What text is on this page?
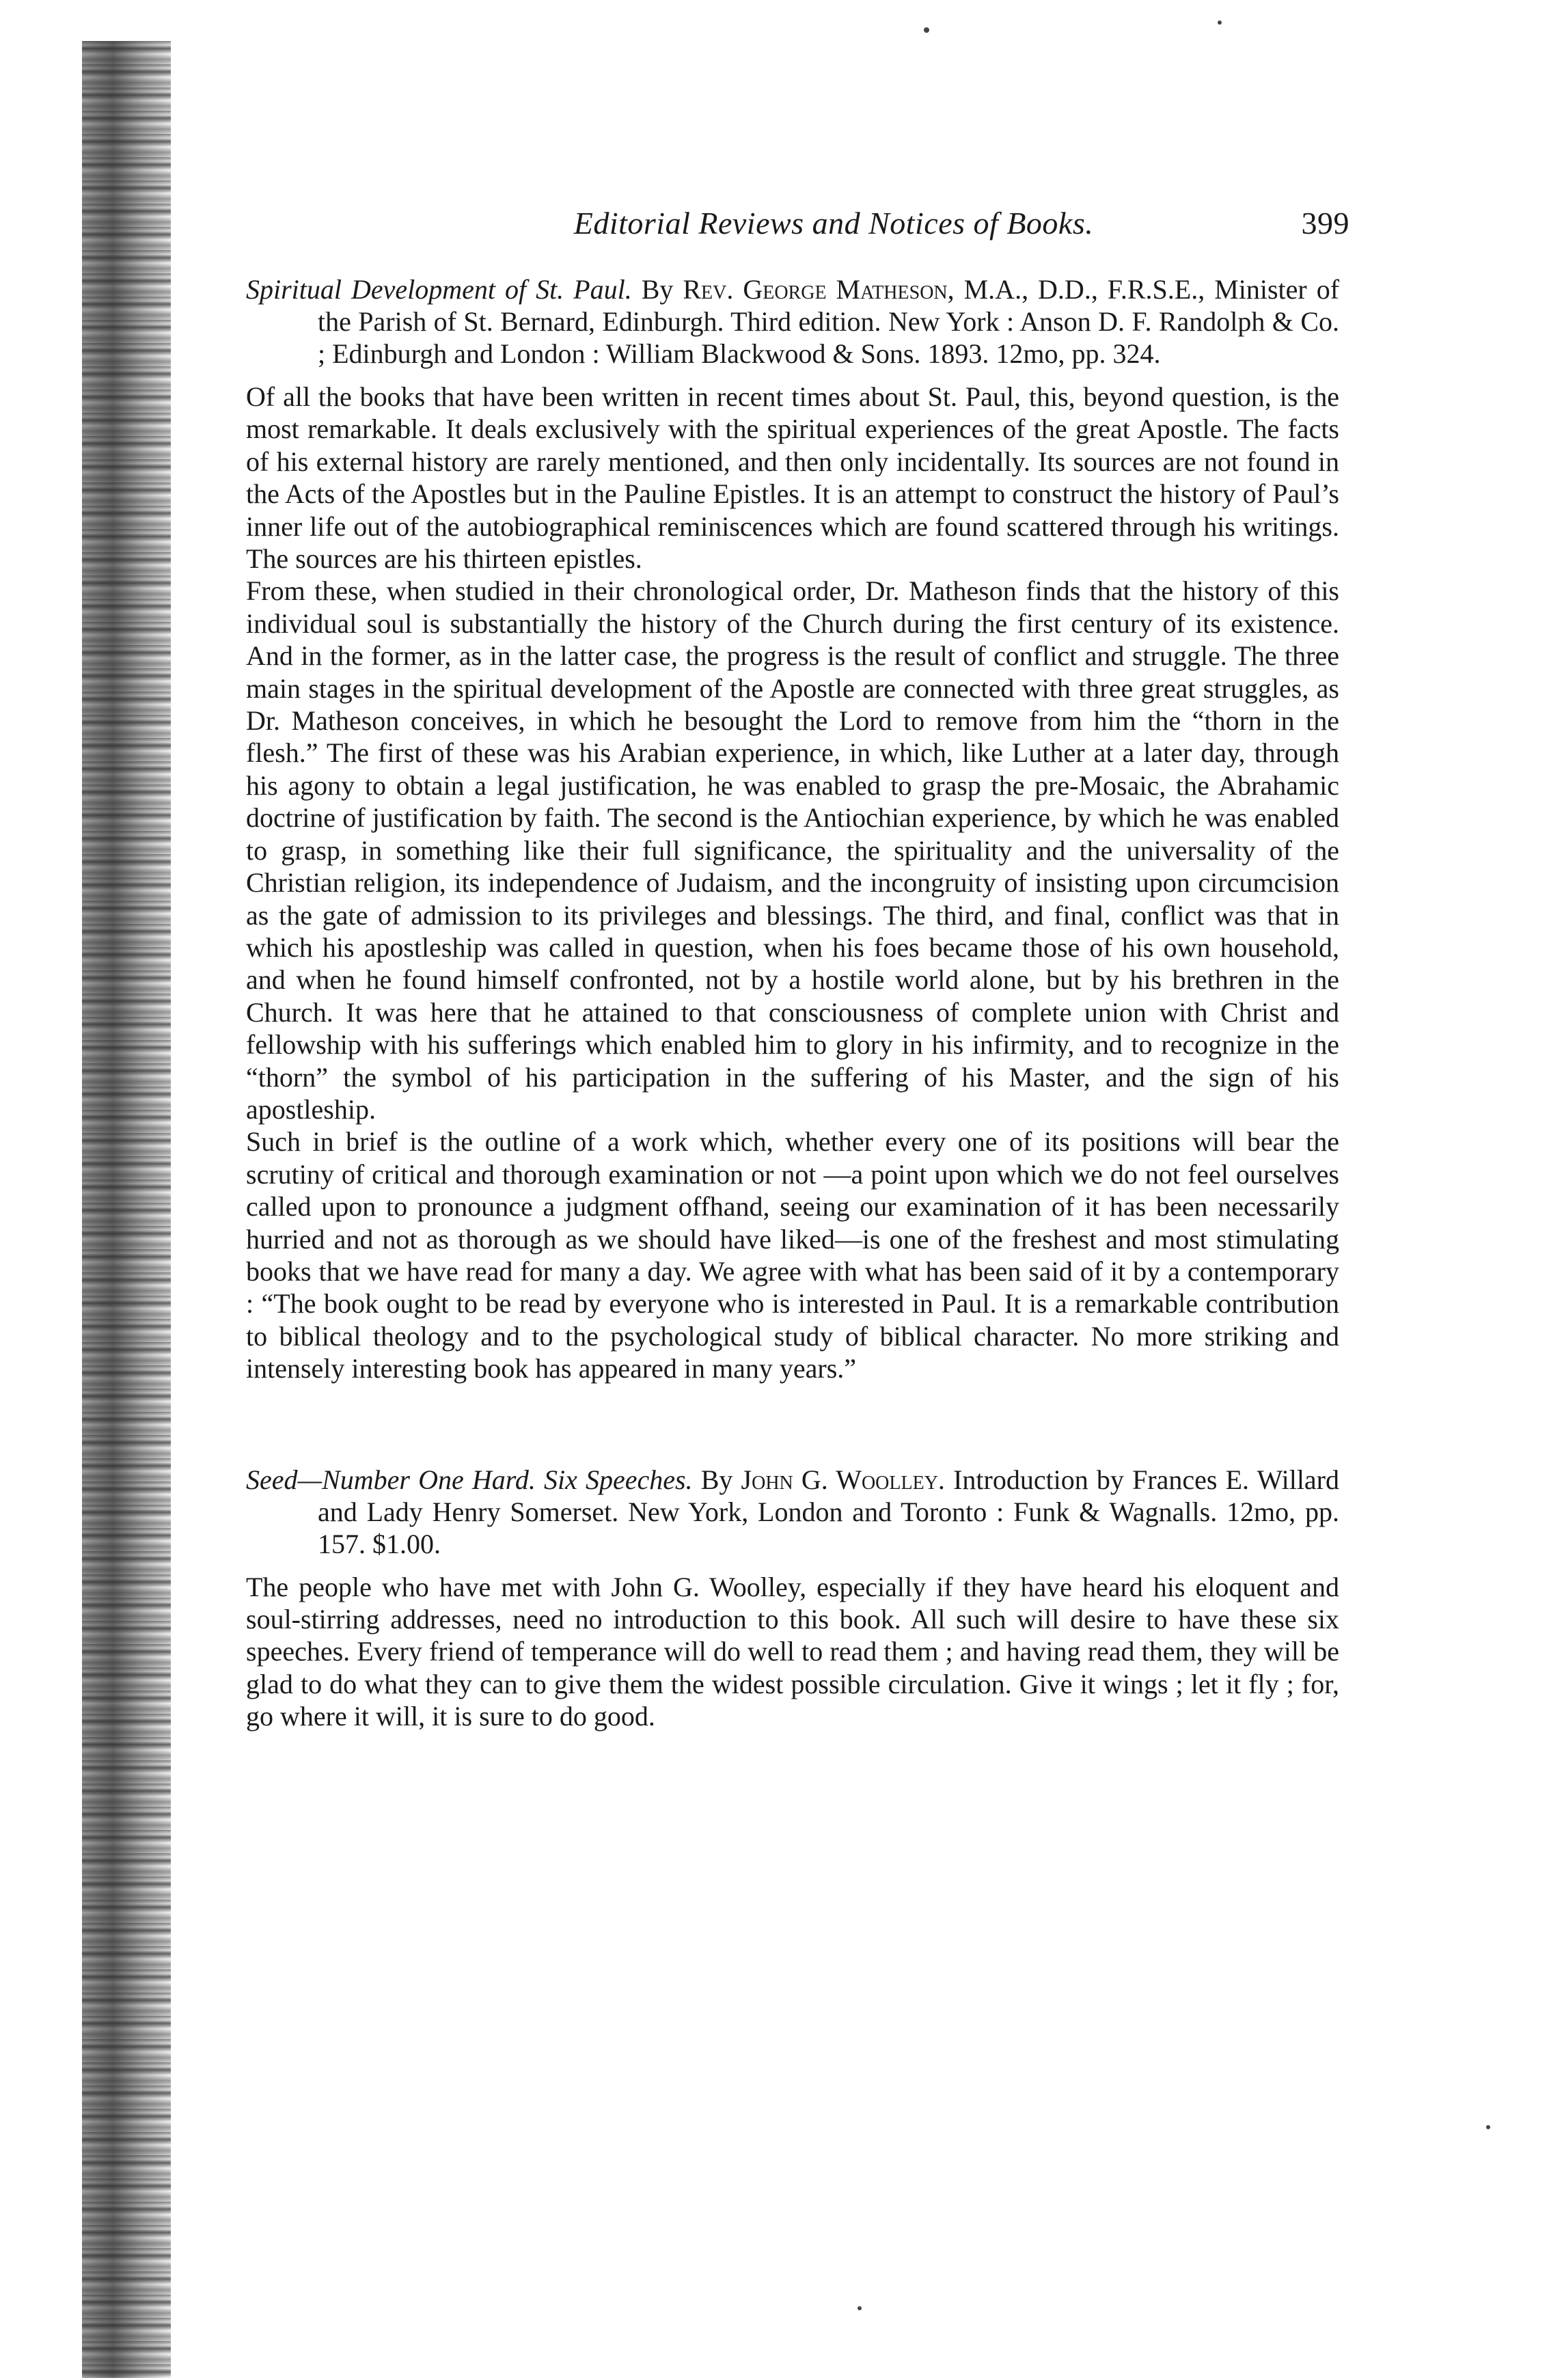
Editorial Reviews and Notices of Books.	399

Spiritual Development of St. Paul. By Rev. George Matheson, M.A., D.D., F.R.S.E., Minister of the Parish of St. Bernard, Edinburgh. Third edition. New York : Anson D. F. Randolph & Co. ; Edinburgh and London : William Blackwood & Sons. 1893. 12mo, pp. 324.

Of all the books that have been written in recent times about St. Paul, this, beyond question, is the most remarkable. It deals exclusively with the spiritual experiences of the great Apostle. The facts of his external history are rarely mentioned, and then only incidentally. Its sources are not found in the Acts of the Apostles but in the Pauline Epistles. It is an attempt to construct the history of Paul’s inner life out of the autobiographical reminiscences which are found scattered through his writings. The sources are his thirteen epistles.

From these, when studied in their chronological order, Dr. Matheson finds that the history of this individual soul is substantially the history of the Church during the first century of its existence. And in the former, as in the latter case, the progress is the result of conflict and struggle. The three main stages in the spiritual development of the Apostle are connected with three great struggles, as Dr. Matheson conceives, in which he besought the Lord to remove from him the “thorn in the flesh.” The first of these was his Arabian experience, in which, like Luther at a later day, through his agony to obtain a legal justification, he was enabled to grasp the pre-Mosaic, the Abrahamic doctrine of justification by faith. The second is the Antiochian experience, by which he was enabled to grasp, in something like their full significance, the spirituality and the universality of the Christian religion, its independence of Judaism, and the incongruity of insisting upon circumcision as the gate of admission to its privileges and blessings. The third, and final, conflict was that in which his apostleship was called in question, when his foes became those of his own household, and when he found himself confronted, not by a hostile world alone, but by his brethren in the Church. It was here that he attained to that consciousness of complete union with Christ and fellowship with his sufferings which enabled him to glory in his infirmity, and to recognize in the “thorn” the symbol of his participation in the suffering of his Master, and the sign of his apostleship.

Such in brief is the outline of a work which, whether every one of its positions will bear the scrutiny of critical and thorough examination or not —a point upon which we do not feel ourselves called upon to pronounce a judgment offhand, seeing our examination of it has been necessarily hurried and not as thorough as we should have liked—is one of the freshest and most stimulating books that we have read for many a day. We agree with what has been said of it by a contemporary : “The book ought to be read by everyone who is interested in Paul. It is a remarkable contribution to biblical theology and to the psychological study of biblical character. No more striking and intensely interesting book has appeared in many years.”

Seed—Number One Hard. Six Speeches. By John G. Woolley. Introduction by Frances E. Willard and Lady Henry Somerset. New York, London and Toronto : Funk & Wagnalls. 12mo, pp. 157. $1.00.

The people who have met with John G. Woolley, especially if they have heard his eloquent and soul-stirring addresses, need no introduction to this book. All such will desire to have these six speeches. Every friend of temperance will do well to read them ; and having read them, they will be glad to do what they can to give them the widest possible circulation. Give it wings ; let it fly ; for, go where it will, it is sure to do good.
